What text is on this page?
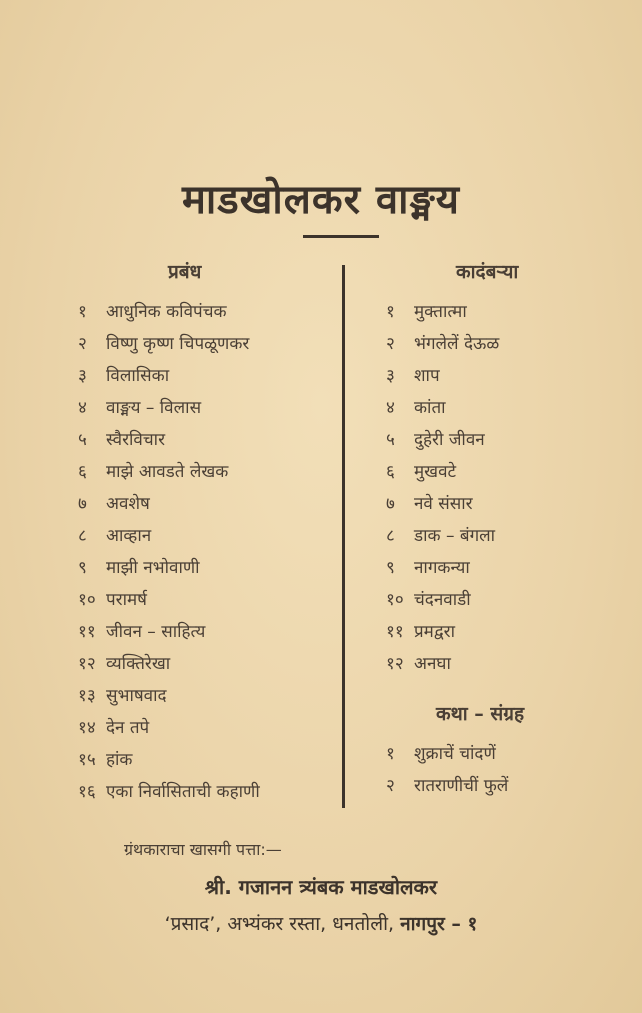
माडखोलकर वाङ्मय
प्रबंध
१ आधुनिक कविपंचक
२ विष्णु कृष्ण चिपळूणकर
३ विलासिका
४ वाङ्मय – विलास
५ स्वैरविचार
६ माझे आवडते लेखक
७ अवशेष
८ आव्हान
९ माझी नभोवाणी
१० परामर्ष
११ जीवन – साहित्य
१२ व्यक्तिरेखा
१३ सुभाषवाद
१४ देन तपे
१५ हांक
१६ एका निर्वासिताची कहाणी
कादंबऱ्या
१ मुक्तात्मा
२ भंगलेलें देऊळ
३ शाप
४ कांता
५ दुहेरी जीवन
६ मुखवटे
७ नवे संसार
८ डाक – बंगला
९ नागकन्या
१० चंदनवाडी
११ प्रमद्वरा
१२ अनघा
कथा – संग्रह
१ शुक्राचें चांदणें
२ रातराणीचीं फुलें
ग्रंथकाराचा खासगी पत्ता:—
श्री. गजानन त्र्यंबक माडखोलकर
‘प्रसाद’, अभ्यंकर रस्ता, धनतोली, नागपुर – १
